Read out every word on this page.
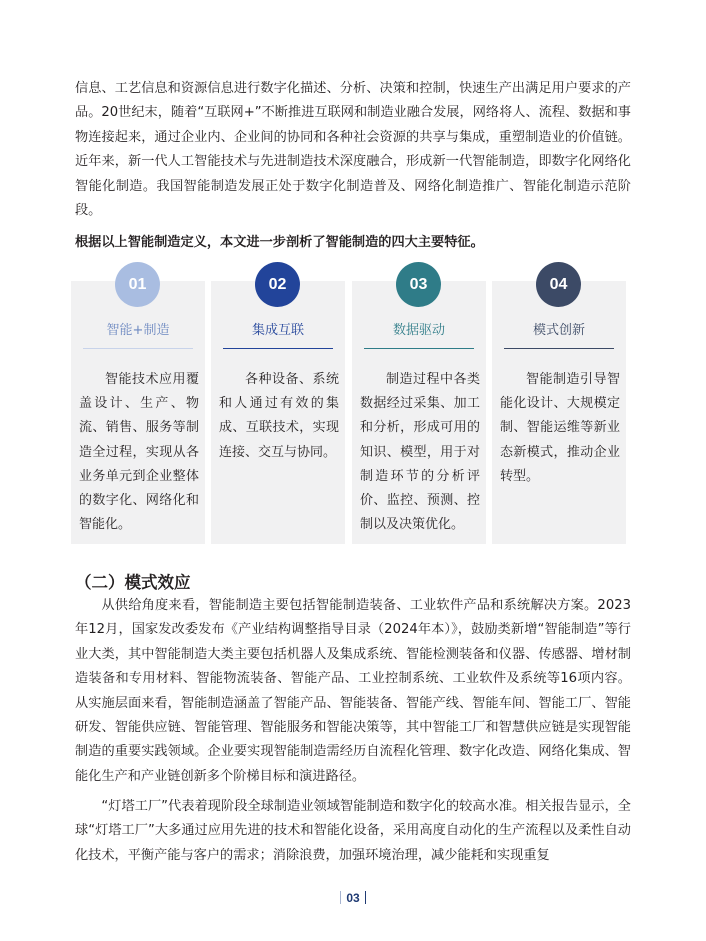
信息、工艺信息和资源信息进行数字化描述、分析、决策和控制，快速生产出满足用户要求的产品。20世纪末，随着“互联网+”不断推进互联网和制造业融合发展，网络将人、流程、数据和事物连接起来，通过企业内、企业间的协同和各种社会资源的共享与集成，重塑制造业的价值链。近年来，新一代人工智能技术与先进制造技术深度融合，形成新一代智能制造，即数字化网络化智能化制造。我国智能制造发展正处于数字化制造普及、网络化制造推广、智能化制造示范阶段。

根据以上智能制造定义，本文进一步剖析了智能制造的四大主要特征。

01
智能+制造

智能技术应用覆盖设计、生产、物流、销售、服务等制造全过程，实现从各业务单元到企业整体的数字化、网络化和智能化。

02
集成互联

各种设备、系统和人通过有效的集成、互联技术，实现连接、交互与协同。

03
数据驱动

制造过程中各类数据经过采集、加工和分析，形成可用的知识、模型，用于对制造环节的分析评价、监控、预测、控制以及决策优化。

04
模式创新

智能制造引导智能化设计、大规模定制、智能运维等新业态新模式，推动企业转型。

（二）模式效应

从供给角度来看，智能制造主要包括智能制造装备、工业软件产品和系统解决方案。2023年12月，国家发改委发布《产业结构调整指导目录（2024年本）》，鼓励类新增“智能制造”等行业大类，其中智能制造大类主要包括机器人及集成系统、智能检测装备和仪器、传感器、增材制造装备和专用材料、智能物流装备、智能产品、工业控制系统、工业软件及系统等16项内容。从实施层面来看，智能制造涵盖了智能产品、智能装备、智能产线、智能车间、智能工厂、智能研发、智能供应链、智能管理、智能服务和智能决策等，其中智能工厂和智慧供应链是实现智能制造的重要实践领域。企业要实现智能制造需经历自流程化管理、数字化改造、网络化集成、智能化生产和产业链创新多个阶梯目标和演进路径。

“灯塔工厂”代表着现阶段全球制造业领域智能制造和数字化的较高水准。相关报告显示，全球“灯塔工厂”大多通过应用先进的技术和智能化设备，采用高度自动化的生产流程以及柔性自动化技术，平衡产能与客户的需求；消除浪费，加强环境治理，减少能耗和实现重复

03
